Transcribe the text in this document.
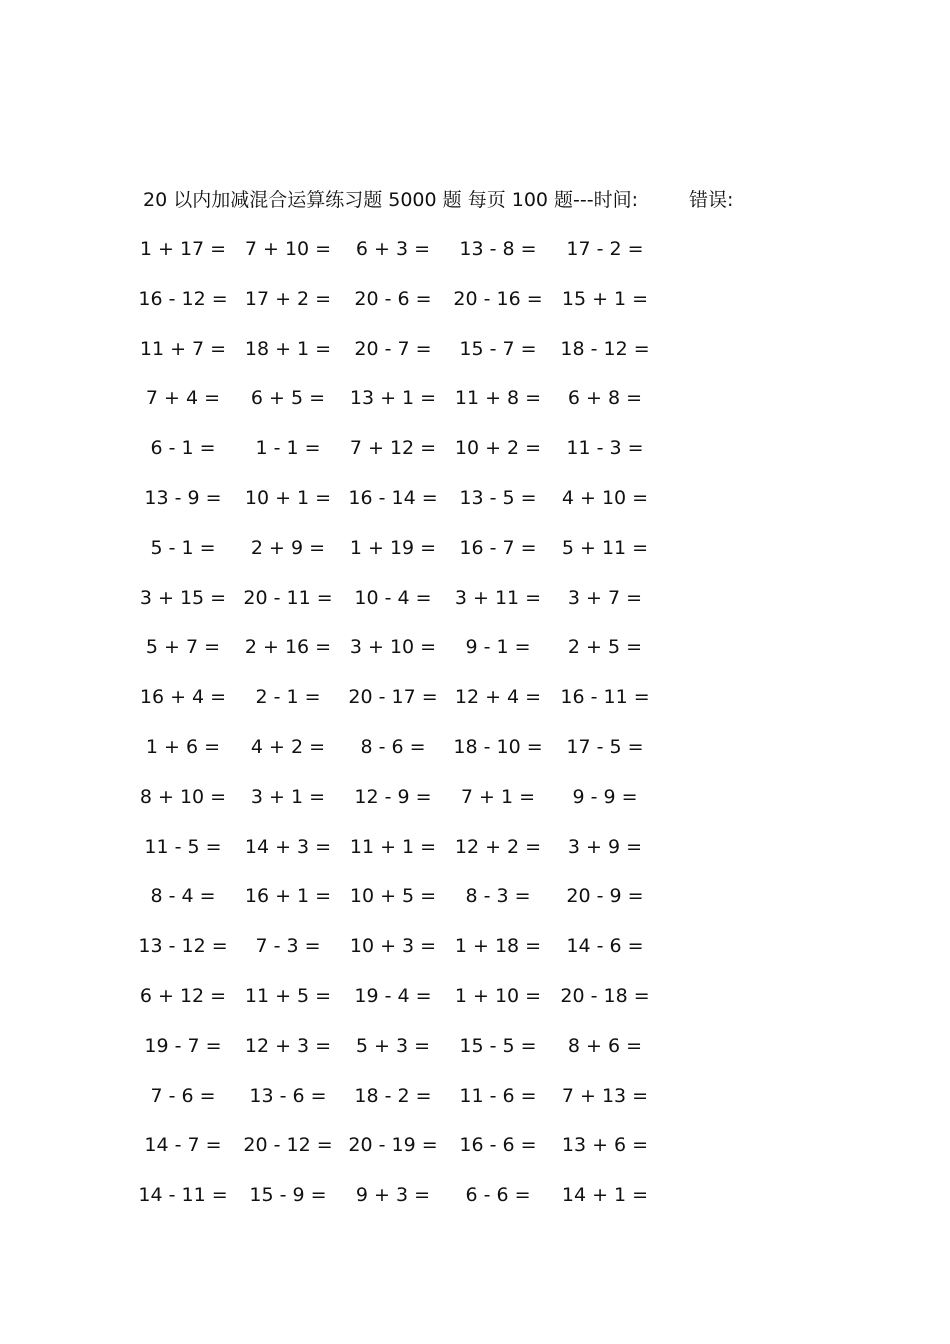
20 以内加减混合运算练习题 5000 题 每页 100 题---时间:	错误:
1 + 17 = 7 + 10 = 6 + 3 = 13 - 8 = 17 - 2 =
16 - 12 = 17 + 2 = 20 - 6 = 20 - 16 = 15 + 1 =
11 + 7 = 18 + 1 = 20 - 7 = 15 - 7 = 18 - 12 =
7 + 4 = 6 + 5 = 13 + 1 = 11 + 8 = 6 + 8 =
6 - 1 = 1 - 1 = 7 + 12 = 10 + 2 = 11 - 3 =
13 - 9 = 10 + 1 = 16 - 14 = 13 - 5 = 4 + 10 =
5 - 1 = 2 + 9 = 1 + 19 = 16 - 7 = 5 + 11 =
3 + 15 = 20 - 11 = 10 - 4 = 3 + 11 = 3 + 7 =
5 + 7 = 2 + 16 = 3 + 10 = 9 - 1 = 2 + 5 =
16 + 4 = 2 - 1 = 20 - 17 = 12 + 4 = 16 - 11 =
1 + 6 = 4 + 2 = 8 - 6 = 18 - 10 = 17 - 5 =
8 + 10 = 3 + 1 = 12 - 9 = 7 + 1 = 9 - 9 =
11 - 5 = 14 + 3 = 11 + 1 = 12 + 2 = 3 + 9 =
8 - 4 = 16 + 1 = 10 + 5 = 8 - 3 = 20 - 9 =
13 - 12 = 7 - 3 = 10 + 3 = 1 + 18 = 14 - 6 =
6 + 12 = 11 + 5 = 19 - 4 = 1 + 10 = 20 - 18 =
19 - 7 = 12 + 3 = 5 + 3 = 15 - 5 = 8 + 6 =
7 - 6 = 13 - 6 = 18 - 2 = 11 - 6 = 7 + 13 =
14 - 7 = 20 - 12 = 20 - 19 = 16 - 6 = 13 + 6 =
14 - 11 = 15 - 9 = 9 + 3 = 6 - 6 = 14 + 1 =
